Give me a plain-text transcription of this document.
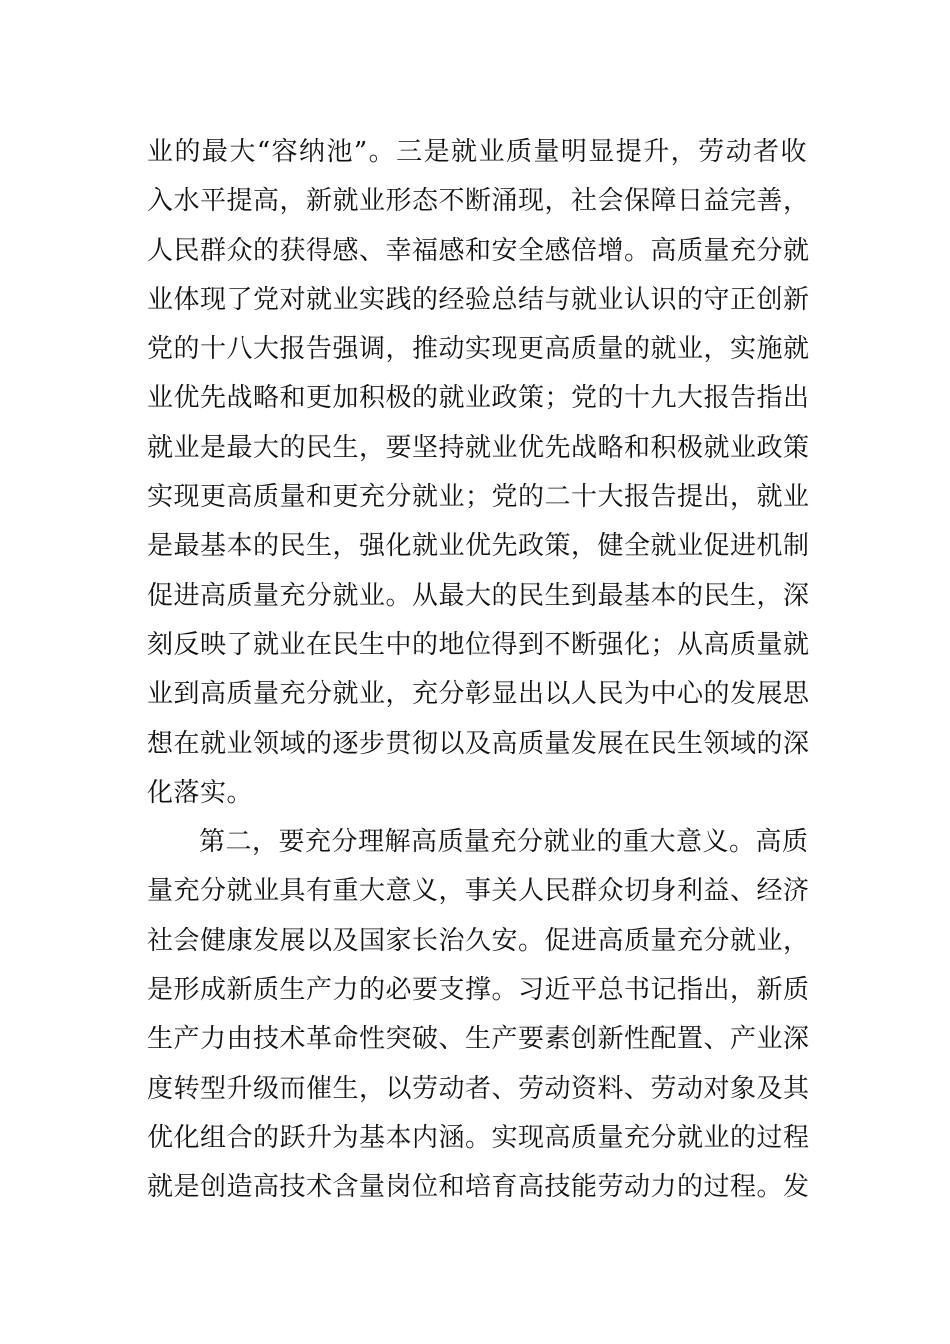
业的最大“容纳池”。三是就业质量明显提升，劳动者收
入水平提高，新就业形态不断涌现，社会保障日益完善，
人民群众的获得感、幸福感和安全感倍增。高质量充分就
业体现了党对就业实践的经验总结与就业认识的守正创新
党的十八大报告强调，推动实现更高质量的就业，实施就
业优先战略和更加积极的就业政策；党的十九大报告指出
就业是最大的民生，要坚持就业优先战略和积极就业政策
实现更高质量和更充分就业；党的二十大报告提出，就业
是最基本的民生，强化就业优先政策，健全就业促进机制
促进高质量充分就业。从最大的民生到最基本的民生，深
刻反映了就业在民生中的地位得到不断强化；从高质量就
业到高质量充分就业，充分彰显出以人民为中心的发展思
想在就业领域的逐步贯彻以及高质量发展在民生领域的深
化落实。
第二，要充分理解高质量充分就业的重大意义。高质
量充分就业具有重大意义，事关人民群众切身利益、经济
社会健康发展以及国家长治久安。促进高质量充分就业，
是形成新质生产力的必要支撑。习近平总书记指出，新质
生产力由技术革命性突破、生产要素创新性配置、产业深
度转型升级而催生，以劳动者、劳动资料、劳动对象及其
优化组合的跃升为基本内涵。实现高质量充分就业的过程
就是创造高技术含量岗位和培育高技能劳动力的过程。发
